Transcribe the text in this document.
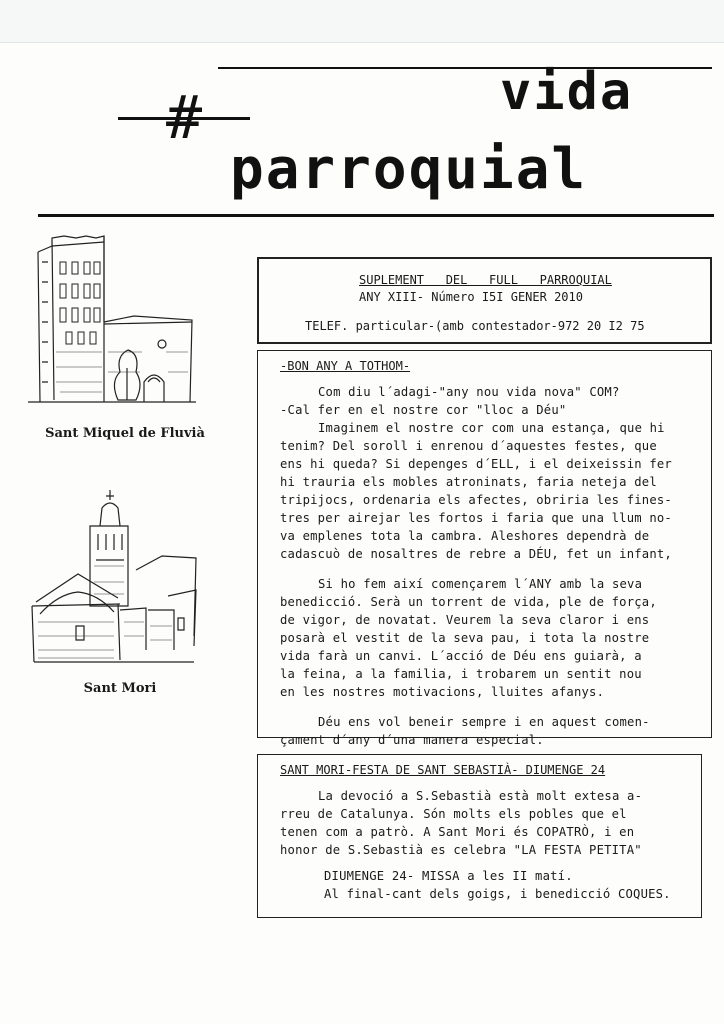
#	vida
parroquial
Sant Miquel de Fluvià
Sant Mori
SUPLEMENT   DEL   FULL   PARROQUIAL
ANY XIII- Número I5I GENER 2010
TELEF. particular-(amb contestador-972 20 I2 75
-BON ANY A TOTHOM-

Com diu l´adagi-"any nou vida nova" COM?

-Cal fer en el nostre cor "lloc a Déu"

Imaginem el nostre cor com una estança, que hi

tenim? Del soroll i enrenou d´aquestes festes, que

ens hi queda? Si depenges d´ELL, i el deixeissin fer

hi trauria els mobles atroninats, faria neteja del

tripijocs, ordenaria els afectes, obriria les fines-

tres per airejar les fortos i faria que una llum no-

va emplenes tota la cambra. Aleshores dependrà de

cadascuò de nosaltres de rebre a DÉU, fet un infant,

Si ho fem així començarem l´ANY amb la seva

benedicció. Serà un torrent de vida, ple de força,

de vigor, de novatat. Veurem la seva claror i ens

posarà el vestit de la seva pau, i tota la nostre

vida farà un canvi. L´acció de Déu ens guiarà, a

la feina, a la familia, i trobarem un sentit nou

en les nostres motivacions, lluites afanys.

Déu ens vol beneir sempre i en aquest comen-

çament d´any d´una manera especial.

SANT MORI-FESTA DE SANT SEBASTIÀ- DIUMENGE 24

La devoció a S.Sebastià està molt extesa a-

rreu de Catalunya. Són molts els pobles que el

tenen com a patrò. A Sant Mori és COPATRÒ, i en

honor de S.Sebastià es celebra "LA FESTA PETITA"

DIUMENGE 24- MISSA a les II matí.

Al final-cant dels goigs, i benedicció COQUES.
